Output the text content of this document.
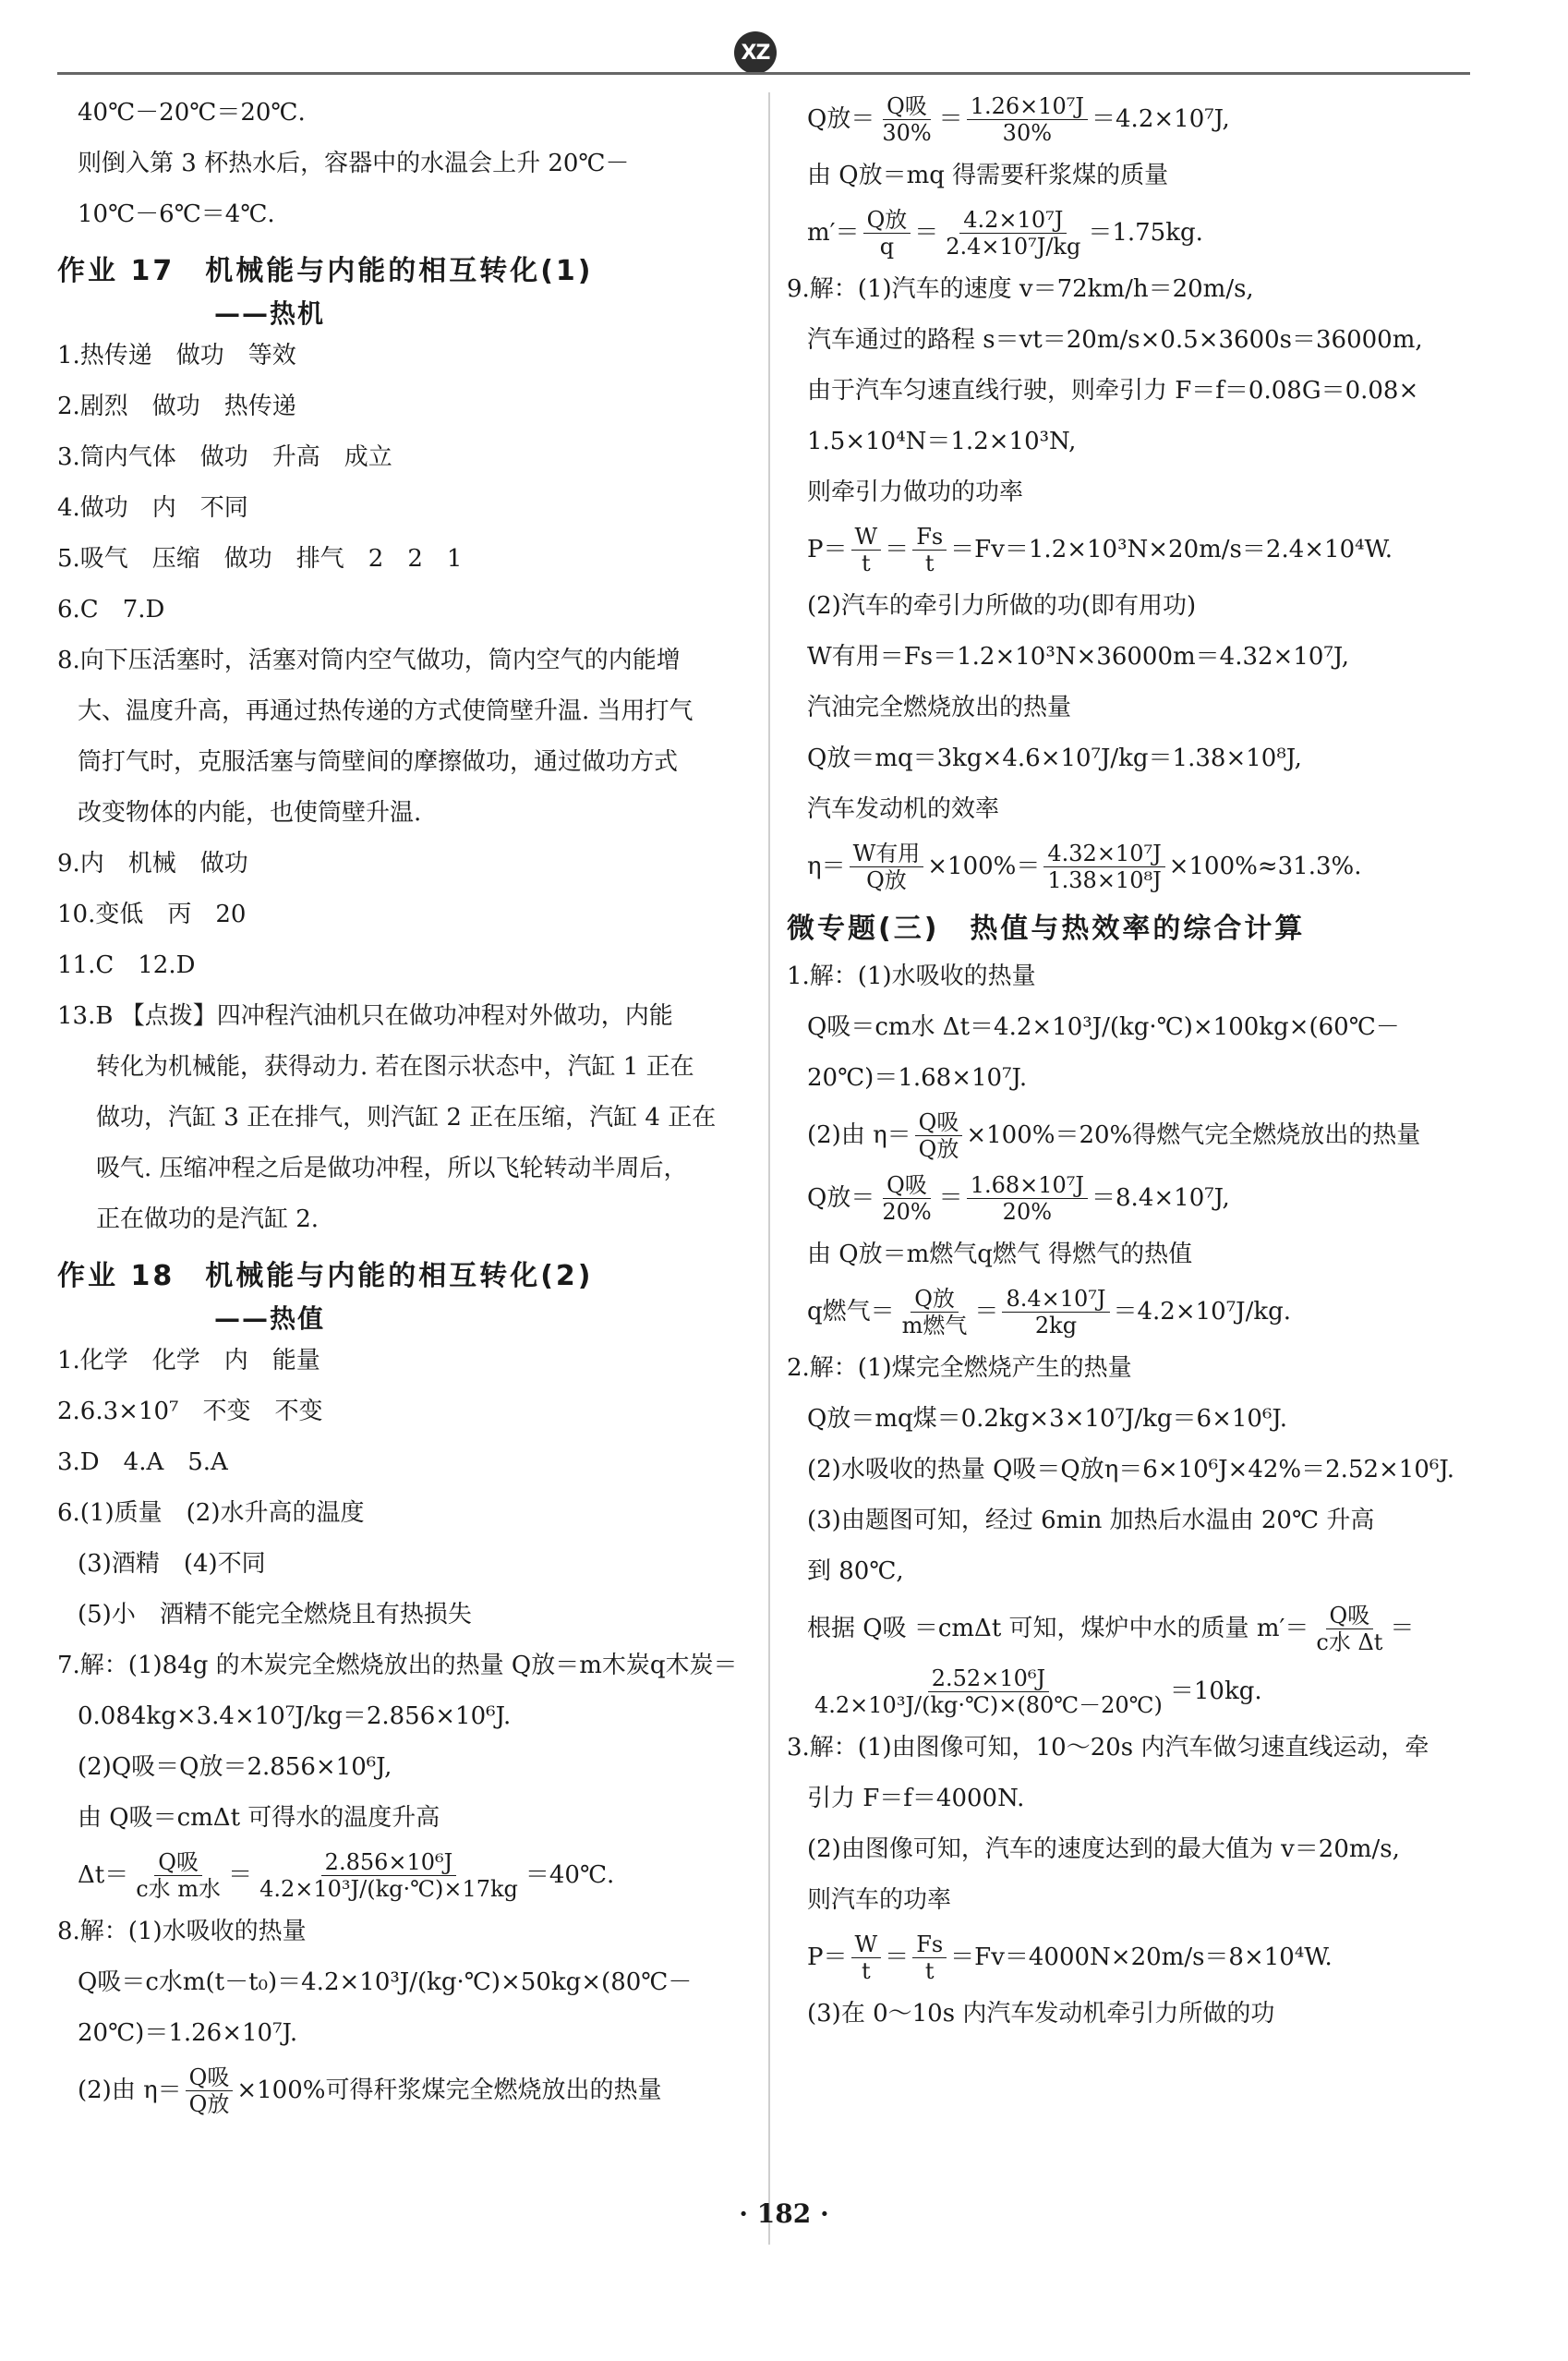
XZ
40℃－20℃＝20℃.
则倒入第 3 杯热水后，容器中的水温会上升 20℃－
10℃－6℃＝4℃.
作业 17　机械能与内能的相互转化(1)
——热机
1.热传递　做功　等效
2.剧烈　做功　热传递
3.筒内气体　做功　升高　成立
4.做功　内　不同
5.吸气　压缩　做功　排气　2　2　1
6.C　7.D
8.向下压活塞时，活塞对筒内空气做功，筒内空气的内能增
大、温度升高，再通过热传递的方式使筒壁升温. 当用打气
筒打气时，克服活塞与筒壁间的摩擦做功，通过做功方式
改变物体的内能，也使筒壁升温.
9.内　机械　做功
10.变低　丙　20
11.C　12.D
13.B 【点拨】四冲程汽油机只在做功冲程对外做功，内能
转化为机械能，获得动力. 若在图示状态中，汽缸 1 正在
做功，汽缸 3 正在排气，则汽缸 2 正在压缩，汽缸 4 正在
吸气. 压缩冲程之后是做功冲程，所以飞轮转动半周后，
正在做功的是汽缸 2.
作业 18　机械能与内能的相互转化(2)
——热值
1.化学　化学　内　能量
2.6.3×10⁷　不变　不变
3.D　4.A　5.A
6.(1)质量　(2)水升高的温度
(3)酒精　(4)不同
(5)小　酒精不能完全燃烧且有热损失
7.解：(1)84g 的木炭完全燃烧放出的热量 Q放＝m木炭q木炭＝
0.084kg×3.4×10⁷J/kg＝2.856×10⁶J.
(2)Q吸＝Q放＝2.856×10⁶J,
由 Q吸＝cmΔt 可得水的温度升高
$\Delta t= \frac{\text{Q吸}}{\text{c水 m水}} = \frac{\text{2.856×10⁶J}}{\text{4.2×10³J/(kg·℃)×17kg}}$ ＝40℃.
8.解：(1)水吸收的热量
Q吸＝c水m(t－t₀)＝4.2×10³J/(kg·℃)×50kg×(80℃－
20℃)＝1.26×10⁷J.
(2)由 $\eta= \frac{\text{Q吸}}{\text{Q放}} \times 100\%$可得秆浆煤完全燃烧放出的热量
Q放＝ $\frac{\text{Q吸}}{30\%} = \frac{\text{1.26×10⁷J}}{30\%} =4.2\times 10^7J$,
由 Q放＝mq 得需要秆浆煤的质量
$m'= \frac{\text{Q放}}{q} = \frac{\text{4.2×10⁷J}}{\text{2.4×10⁷J/kg}} =1.75kg$.
9.解：(1)汽车的速度 v＝72km/h＝20m/s,
汽车通过的路程 s＝vt＝20m/s×0.5×3600s＝36000m,
由于汽车匀速直线行驶，则牵引力 F＝f＝0.08G＝0.08×
1.5×10⁴N＝1.2×10³N,
则牵引力做功的功率
$P= \frac{W}{t} = \frac{Fs}{t} =Fv=1.2\times 10^3N\times 20m/s=2.4\times 10^4W$.
(2)汽车的牵引力所做的功(即有用功)
W有用＝Fs＝1.2×10³N×36000m＝4.32×10⁷J,
汽油完全燃烧放出的热量
Q放＝mq＝3kg×4.6×10⁷J/kg＝1.38×10⁸J,
汽车发动机的效率
$\eta= \frac{\text{W有用}}{\text{Q放}} \times 100\%= \frac{\text{4.32×10⁷J}}{\text{1.38×10⁸J}} \times 100\%\approx 31.3\%$.
微专题(三)　热值与热效率的综合计算
1.解：(1)水吸收的热量
Q吸＝cm水 Δt＝4.2×10³J/(kg·℃)×100kg×(60℃－
20℃)＝1.68×10⁷J.
(2)由 $\eta= \frac{\text{Q吸}}{\text{Q放}} \times 100\%=20\%$得燃气完全燃烧放出的热量
Q放＝ $\frac{\text{Q吸}}{20\%} = \frac{\text{1.68×10⁷J}}{20\%} =8.4\times 10^7J$,
由 Q放＝m燃气q燃气 得燃气的热值
q燃气＝ $\frac{\text{Q放}}{\text{m燃气}} = \frac{\text{8.4×10⁷J}}{2kg} =4.2\times 10^7J/kg$.
2.解：(1)煤完全燃烧产生的热量
Q放＝mq煤＝0.2kg×3×10⁷J/kg＝6×10⁶J.
(2)水吸收的热量 Q吸＝Q放η＝6×10⁶J×42%＝2.52×10⁶J.
(3)由题图可知，经过 6min 加热后水温由 20℃ 升高
到 80℃,
根据 Q吸 ＝cmΔt 可知，煤炉中水的质量 $m'= \frac{\text{Q吸}}{\text{c水 Δt}}$ ＝
$\frac{\text{2.52×10⁶J}}{\text{4.2×10³J/(kg·℃)×(80℃－20℃)}} =10kg$.
3.解：(1)由图像可知，10～20s 内汽车做匀速直线运动，牵
引力 F＝f＝4000N.
(2)由图像可知，汽车的速度达到的最大值为 v＝20m/s,
则汽车的功率
$P= \frac{W}{t} = \frac{Fs}{t} =Fv=4000N\times 20m/s=8\times 10^4W$.
(3)在 0～10s 内汽车发动机牵引力所做的功
· 182 ·
